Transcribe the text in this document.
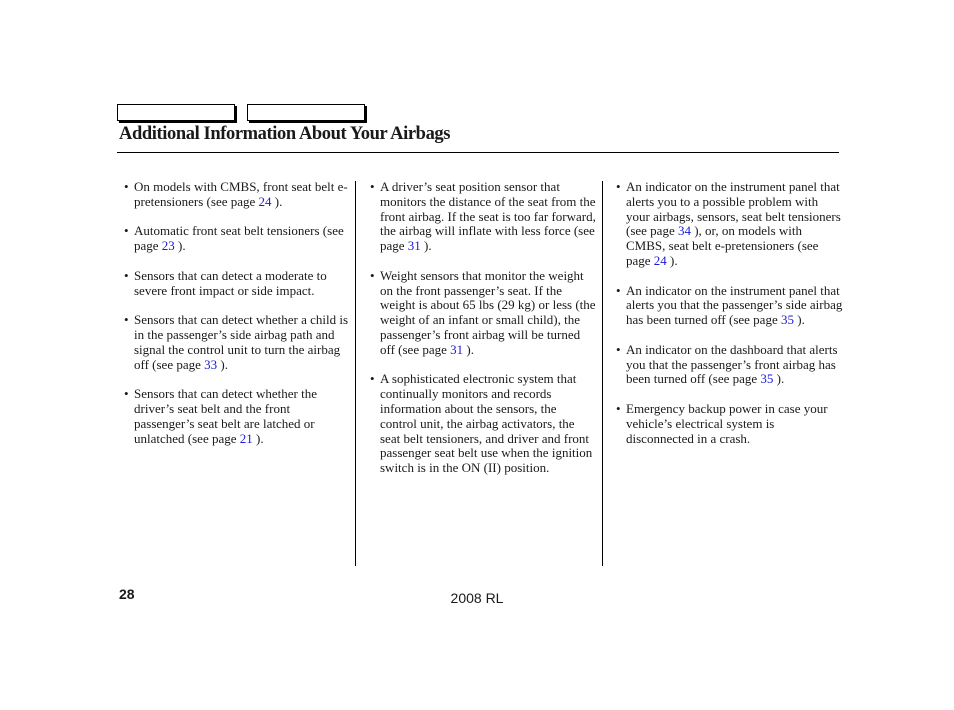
Additional Information About Your Airbags

• On models with CMBS, front seat belt e-pretensioners (see page 24 ).

• Automatic front seat belt tensioners (see page 23 ).

• Sensors that can detect a moderate to severe front impact or side impact.

• Sensors that can detect whether a child is in the passenger’s side airbag path and signal the control unit to turn the airbag off (see page 33 ).

• Sensors that can detect whether the driver’s seat belt and the front passenger’s seat belt are latched or unlatched (see page 21 ).

• A driver’s seat position sensor that monitors the distance of the seat from the front airbag. If the seat is too far forward, the airbag will inflate with less force (see page 31 ).

• Weight sensors that monitor the weight on the front passenger’s seat. If the weight is about 65 lbs (29 kg) or less (the weight of an infant or small child), the passenger’s front airbag will be turned off (see page 31 ).

• A sophisticated electronic system that continually monitors and records information about the sensors, the control unit, the airbag activators, the seat belt tensioners, and driver and front passenger seat belt use when the ignition switch is in the ON (II) position.

• An indicator on the instrument panel that alerts you to a possible problem with your airbags, sensors, seat belt tensioners (see page 34 ), or, on models with CMBS, seat belt e-pretensioners (see page 24 ).

• An indicator on the instrument panel that alerts you that the passenger’s side airbag has been turned off (see page 35 ).

• An indicator on the dashboard that alerts you that the passenger’s front airbag has been turned off (see page 35 ).

• Emergency backup power in case your vehicle’s electrical system is disconnected in a crash.

28	2008 RL
